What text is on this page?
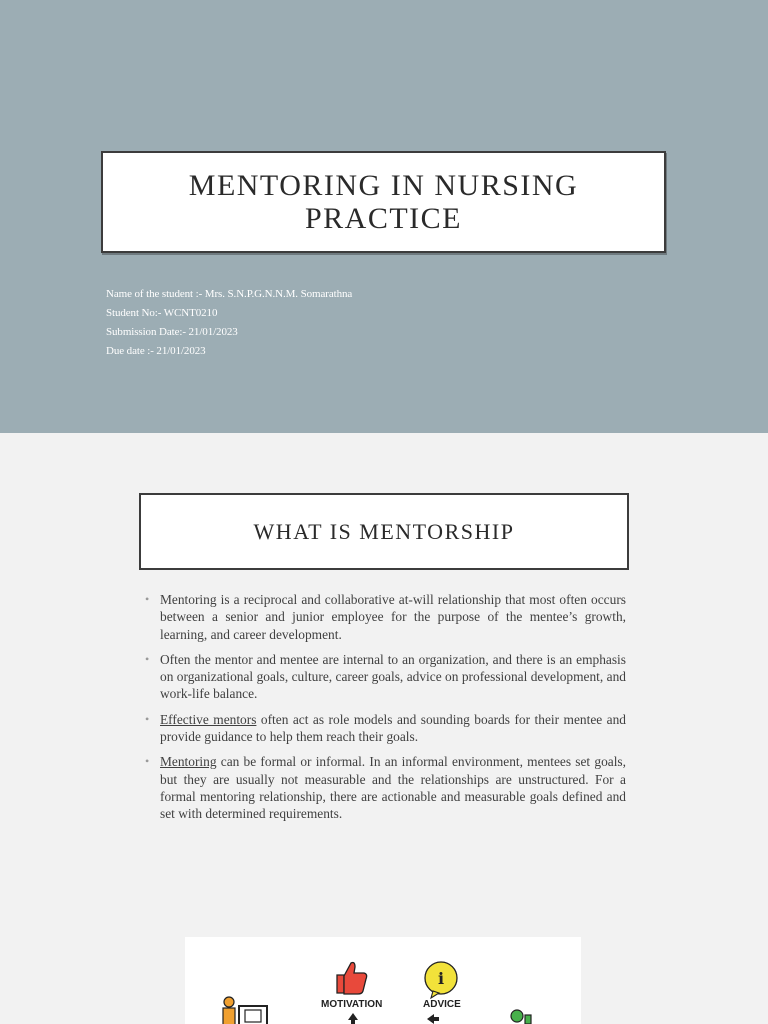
MENTORING IN NURSING
PRACTICE
Name of the student :- Mrs. S.N.P.G.N.N.M. Somarathna
Student No:- WCNT0210
Submission Date:- 21/01/2023
Due date :- 21/01/2023
WHAT IS MENTORSHIP
• Mentoring is a reciprocal and collaborative at-will relationship that most often occurs between a senior and junior employee for the purpose of the mentee’s growth, learning, and career development.
• Often the mentor and mentee are internal to an organization, and there is an emphasis on organizational goals, culture, career goals, advice on professional development, and work-life balance.
• Effective mentors often act as role models and sounding boards for their mentee and provide guidance to help them reach their goals.
• Mentoring can be formal or informal. In an informal environment, mentees set goals, but they are usually not measurable and the relationships are unstructured. For a formal mentoring relationship, there are actionable and measurable goals defined and set with determined requirements.
MOTIVATION
i
ADVICE
